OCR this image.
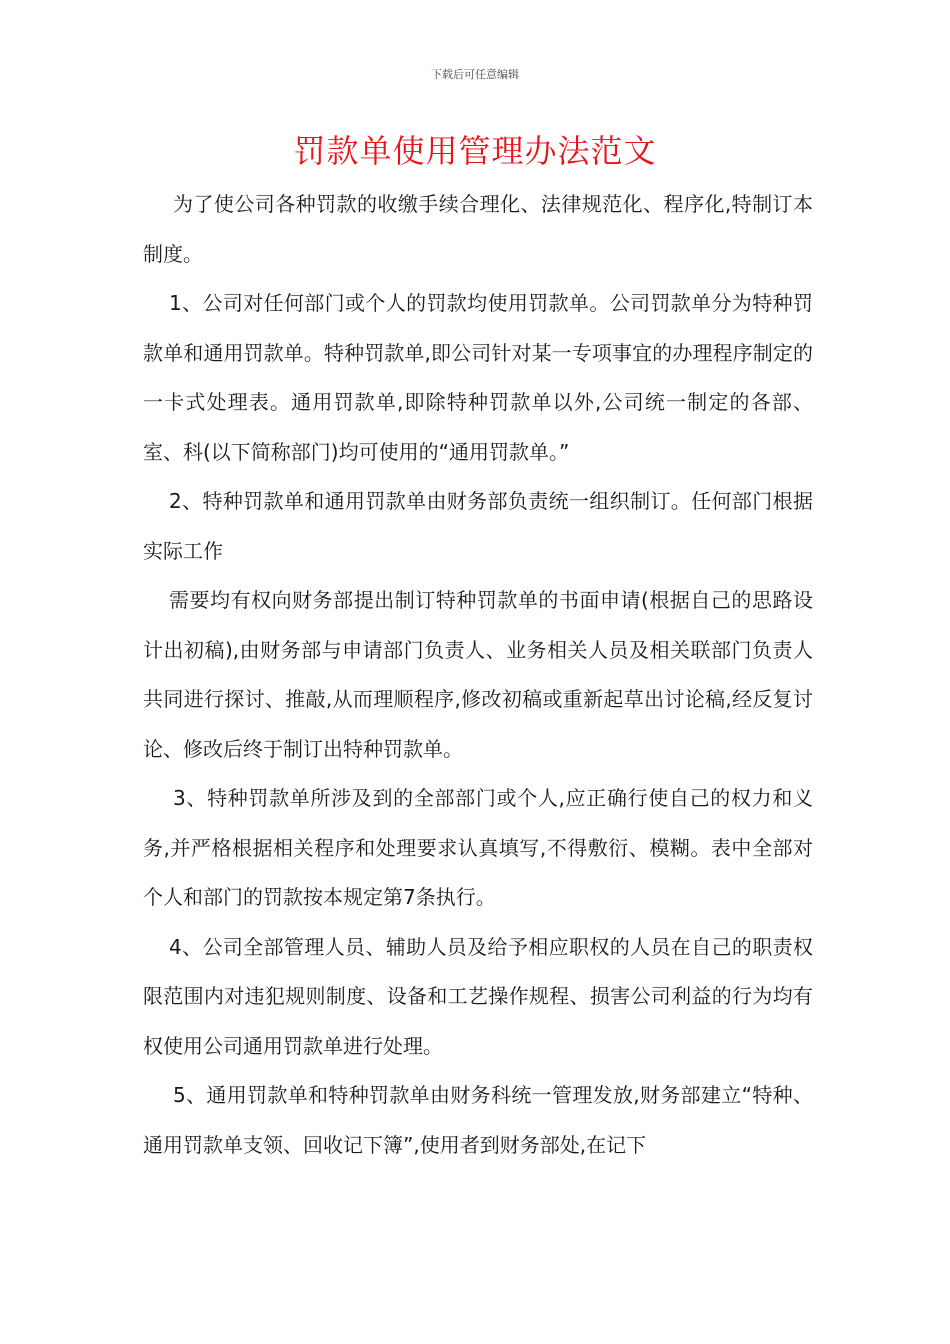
下载后可任意编辑
罚款单使用管理办法范文

为了使公司各种罚款的收缴手续合理化、法律规范化、程序化,特制订本制度。

1、公司对任何部门或个人的罚款均使用罚款单。公司罚款单分为特种罚款单和通用罚款单。特种罚款单,即公司针对某一专项事宜的办理程序制定的一卡式处理表。通用罚款单,即除特种罚款单以外,公司统一制定的各部、室、科(以下简称部门)均可使用的“通用罚款单。”

2、特种罚款单和通用罚款单由财务部负责统一组织制订。任何部门根据实际工作

需要均有权向财务部提出制订特种罚款单的书面申请(根据自己的思路设计出初稿),由财务部与申请部门负责人、业务相关人员及相关联部门负责人共同进行探讨、推敲,从而理顺程序,修改初稿或重新起草出讨论稿,经反复讨论、修改后终于制订出特种罚款单。

3、特种罚款单所涉及到的全部部门或个人,应正确行使自己的权力和义务,并严格根据相关程序和处理要求认真填写,不得敷衍、模糊。表中全部对个人和部门的罚款按本规定第7条执行。

4、公司全部管理人员、辅助人员及给予相应职权的人员在自己的职责权限范围内对违犯规则制度、设备和工艺操作规程、损害公司利益的行为均有权使用公司通用罚款单进行处理。

5、通用罚款单和特种罚款单由财务科统一管理发放,财务部建立“特种、通用罚款单支领、回收记下簿”,使用者到财务部处,在记下
